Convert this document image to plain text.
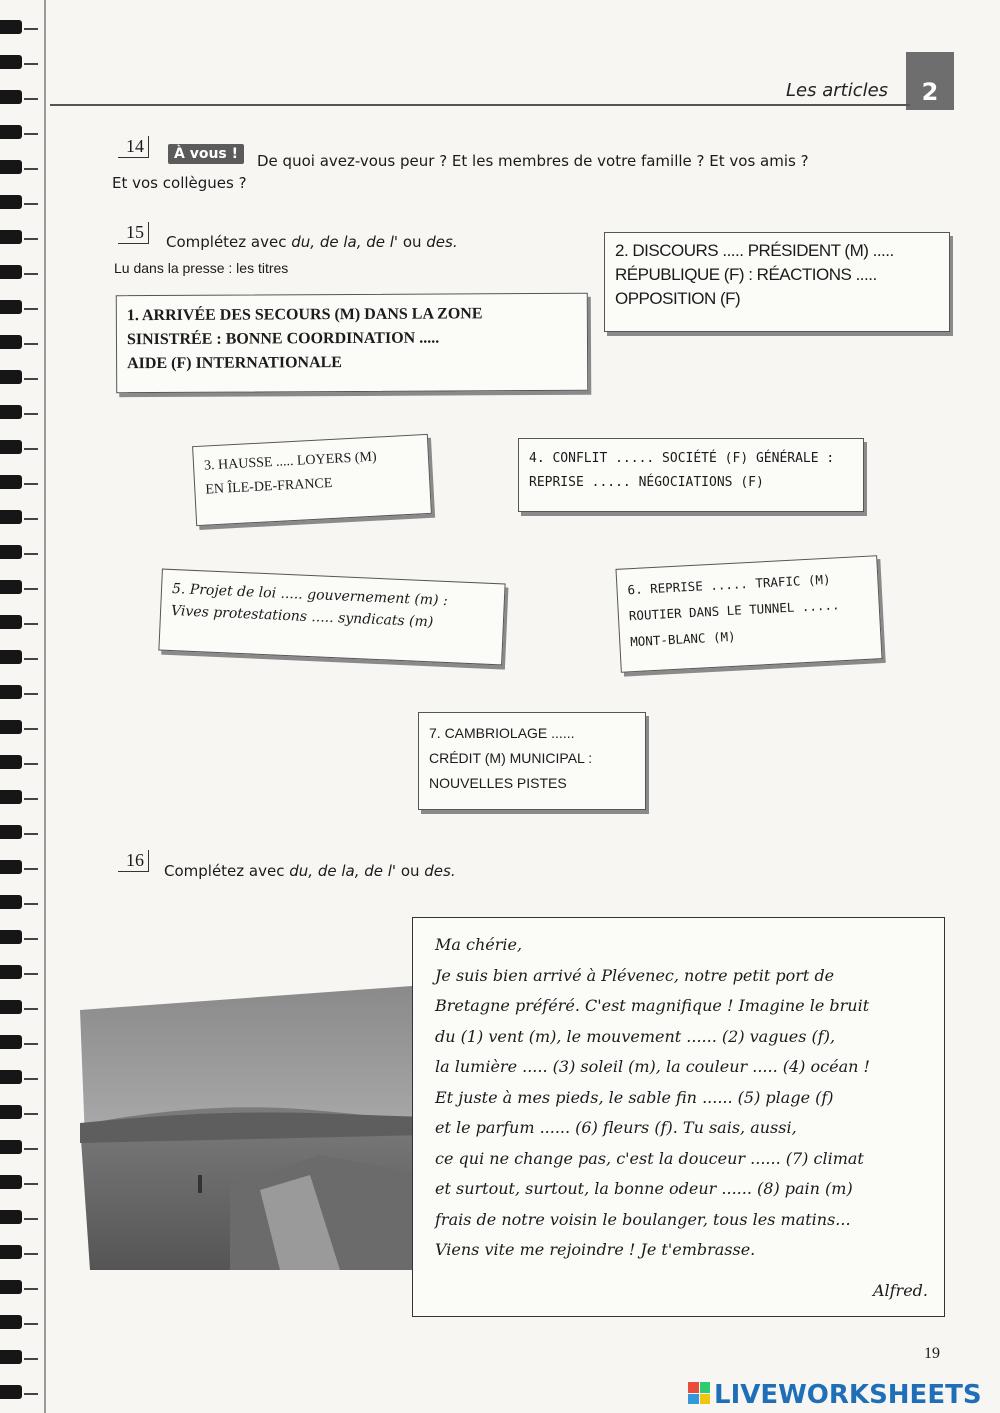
Les articles	2
14	À vous !	De quoi avez-vous peur ? Et les membres de votre famille ? Et vos amis ?
Et vos collègues ?
15	Complétez avec du, de la, de l' ou des.
Lu dans la presse : les titres
1. ARRIVÉE DES SECOURS (M) DANS LA ZONE
SINISTRÉE : BONNE COORDINATION .....
AIDE (F) INTERNATIONALE
2. DISCOURS ..... PRÉSIDENT (M) .....
RÉPUBLIQUE (F) : RÉACTIONS .....
OPPOSITION (F)
3. HAUSSE ..... LOYERS (M)
EN ÎLE-DE-FRANCE
4. CONFLIT ..... SOCIÉTÉ (F) GÉNÉRALE :
REPRISE ..... NÉGOCIATIONS (F)
5. Projet de loi ..... gouvernement (m) :
Vives protestations ..... syndicats (m)
6. REPRISE ..... TRAFIC (M)
ROUTIER DANS LE TUNNEL .....
MONT-BLANC (M)
7. CAMBRIOLAGE ......
CRÉDIT (M) MUNICIPAL :
NOUVELLES PISTES
16
Complétez avec du, de la, de l' ou des.
Ma chérie,
Je suis bien arrivé à Plévenec, notre petit port de
Bretagne préféré. C'est magnifique ! Imagine le bruit
du (1) vent (m), le mouvement ...... (2) vagues (f),
la lumière ..... (3) soleil (m), la couleur ..... (4) océan !
Et juste à mes pieds, le sable fin ...... (5) plage (f)
et le parfum ...... (6) fleurs (f). Tu sais, aussi,
ce qui ne change pas, c'est la douceur ...... (7) climat
et surtout, surtout, la bonne odeur ...... (8) pain (m)
frais de notre voisin le boulanger, tous les matins...
Viens vite me rejoindre ! Je t'embrasse.
Alfred.
19
LIVEWORKSHEETS
